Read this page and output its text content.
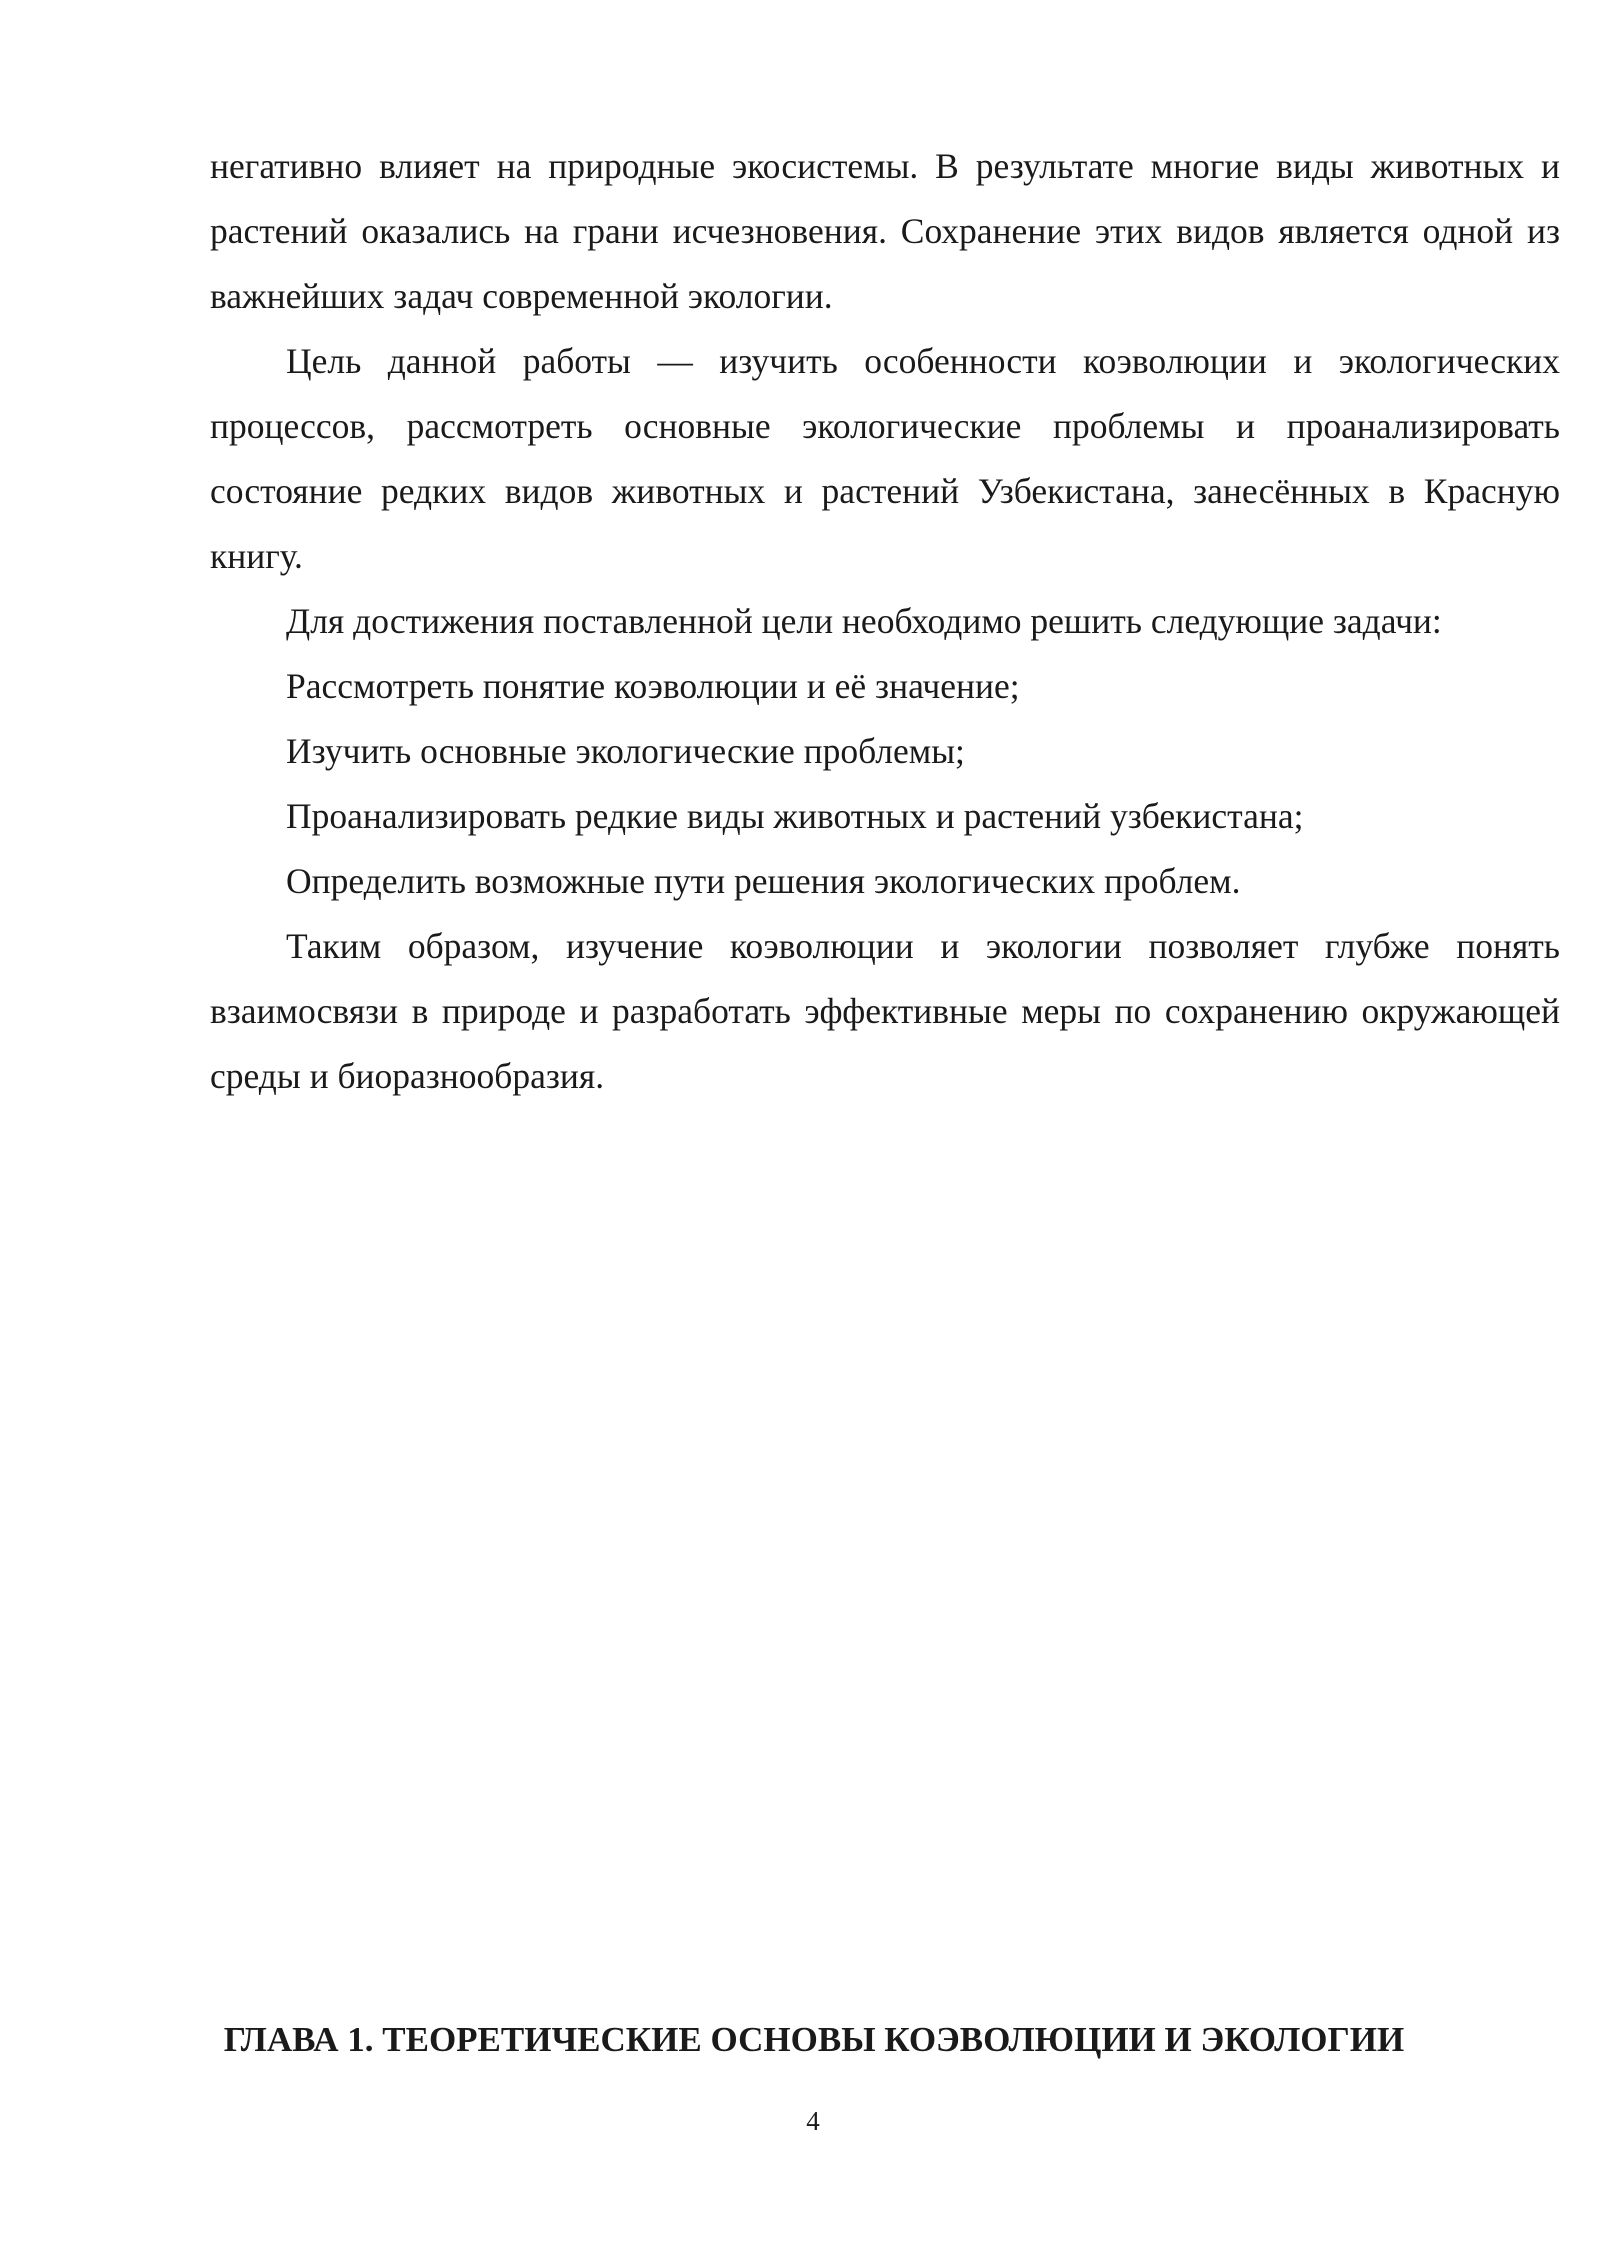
негативно влияет на природные экосистемы. В результате многие виды животных и растений оказались на грани исчезновения. Сохранение этих видов является одной из важнейших задач современной экологии.

Цель данной работы — изучить особенности коэволюции и экологических процессов, рассмотреть основные экологические проблемы и проанализировать состояние редких видов животных и растений Узбекистана, занесённых в Красную книгу.

Для достижения поставленной цели необходимо решить следующие задачи:

Рассмотреть понятие коэволюции и её значение;

Изучить основные экологические проблемы;

Проанализировать редкие виды животных и растений узбекистана;

Определить возможные пути решения экологических проблем.

Таким образом, изучение коэволюции и экологии позволяет глубже понять взаимосвязи в природе и разработать эффективные меры по сохранению окружающей среды и биоразнообразия.

ГЛАВА 1. ТЕОРЕТИЧЕСКИЕ ОСНОВЫ КОЭВОЛЮЦИИ И ЭКОЛОГИИ
4
